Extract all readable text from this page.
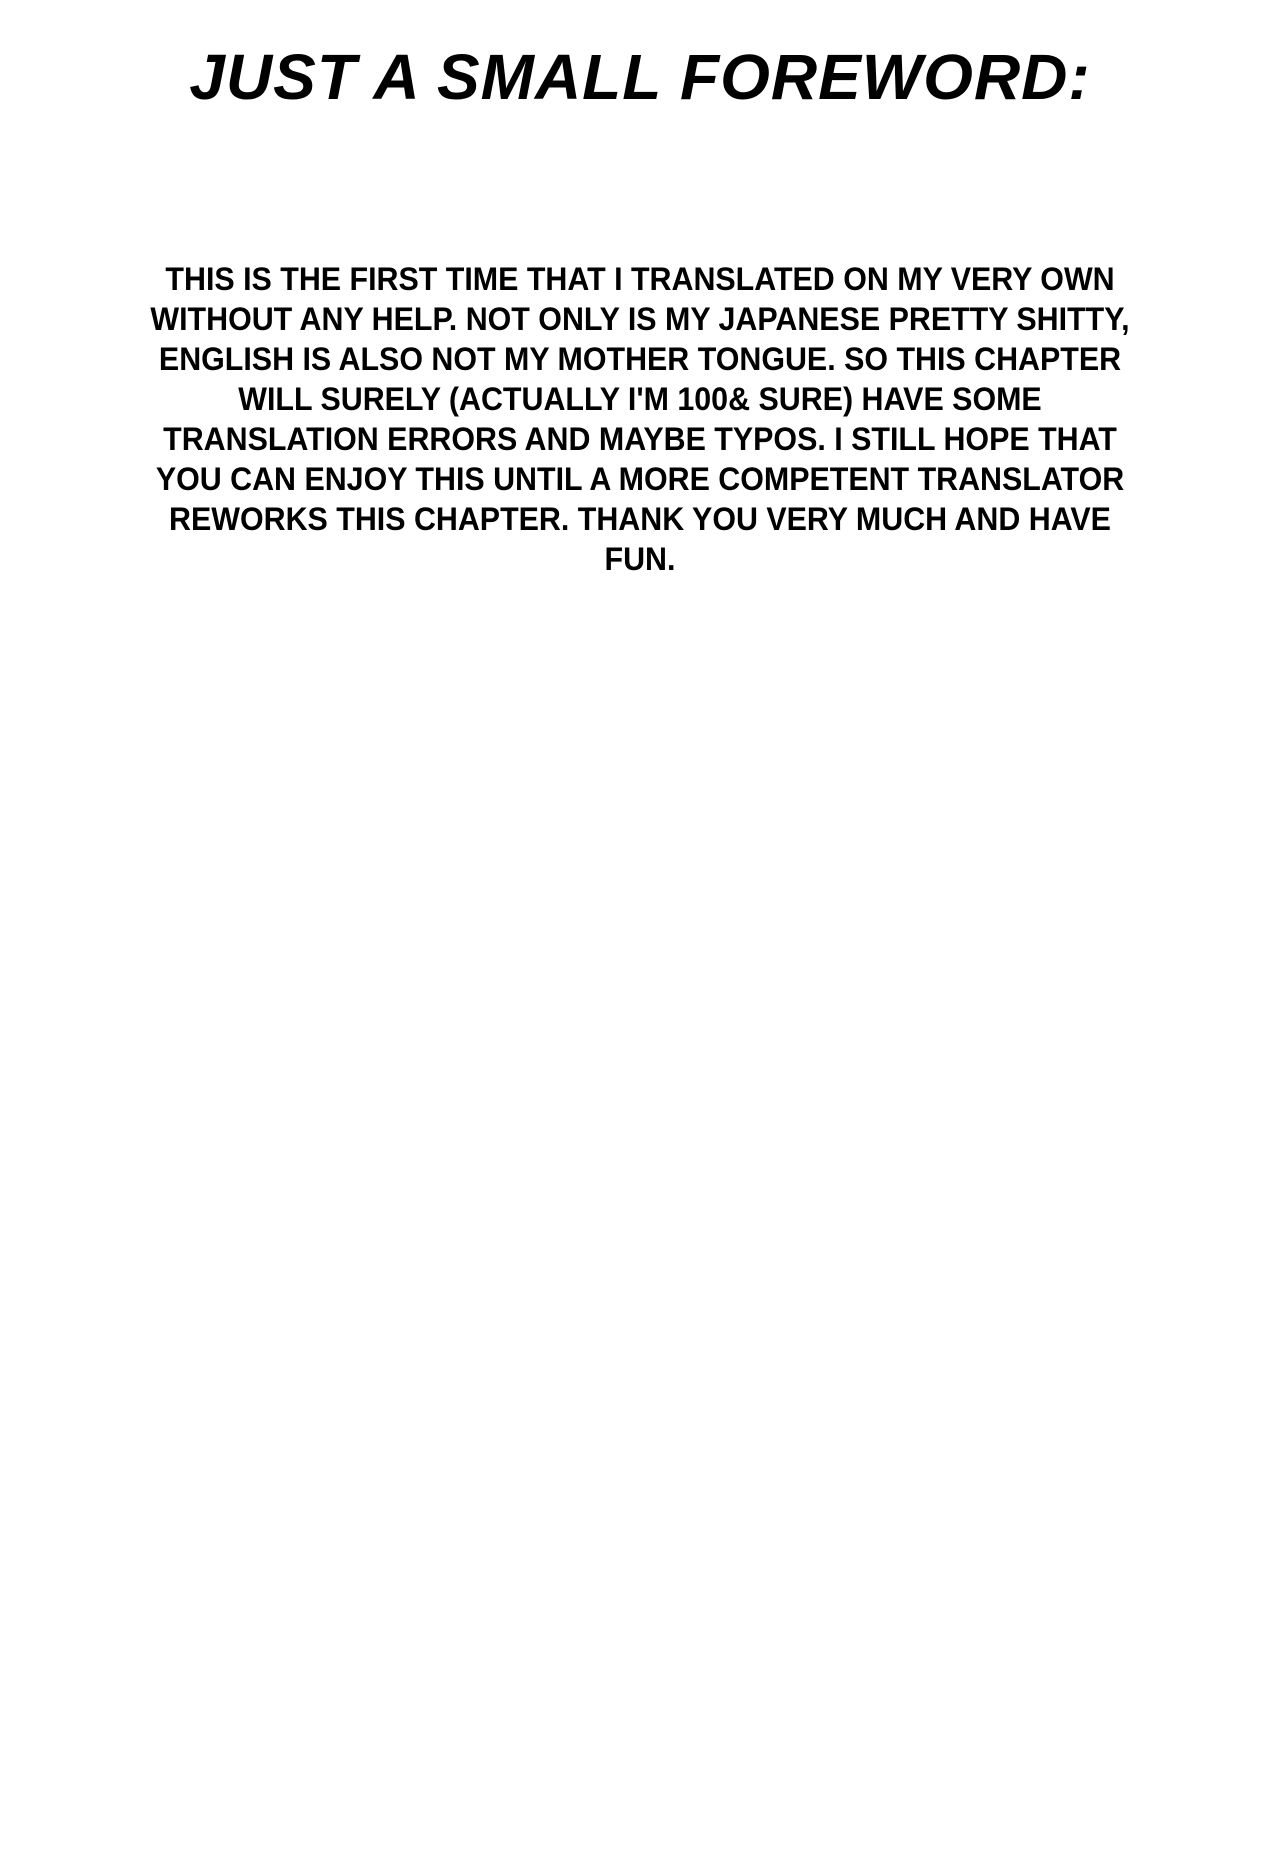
JUST A SMALL FOREWORD:
THIS IS THE FIRST TIME THAT I TRANSLATED ON MY VERY OWN
WITHOUT ANY HELP. NOT ONLY IS MY JAPANESE PRETTY SHITTY,
ENGLISH IS ALSO NOT MY MOTHER TONGUE. SO THIS CHAPTER
WILL SURELY (ACTUALLY I'M 100& SURE) HAVE SOME
TRANSLATION ERRORS AND MAYBE TYPOS. I STILL HOPE THAT
YOU CAN ENJOY THIS UNTIL A MORE COMPETENT TRANSLATOR
REWORKS THIS CHAPTER. THANK YOU VERY MUCH AND HAVE
FUN.
